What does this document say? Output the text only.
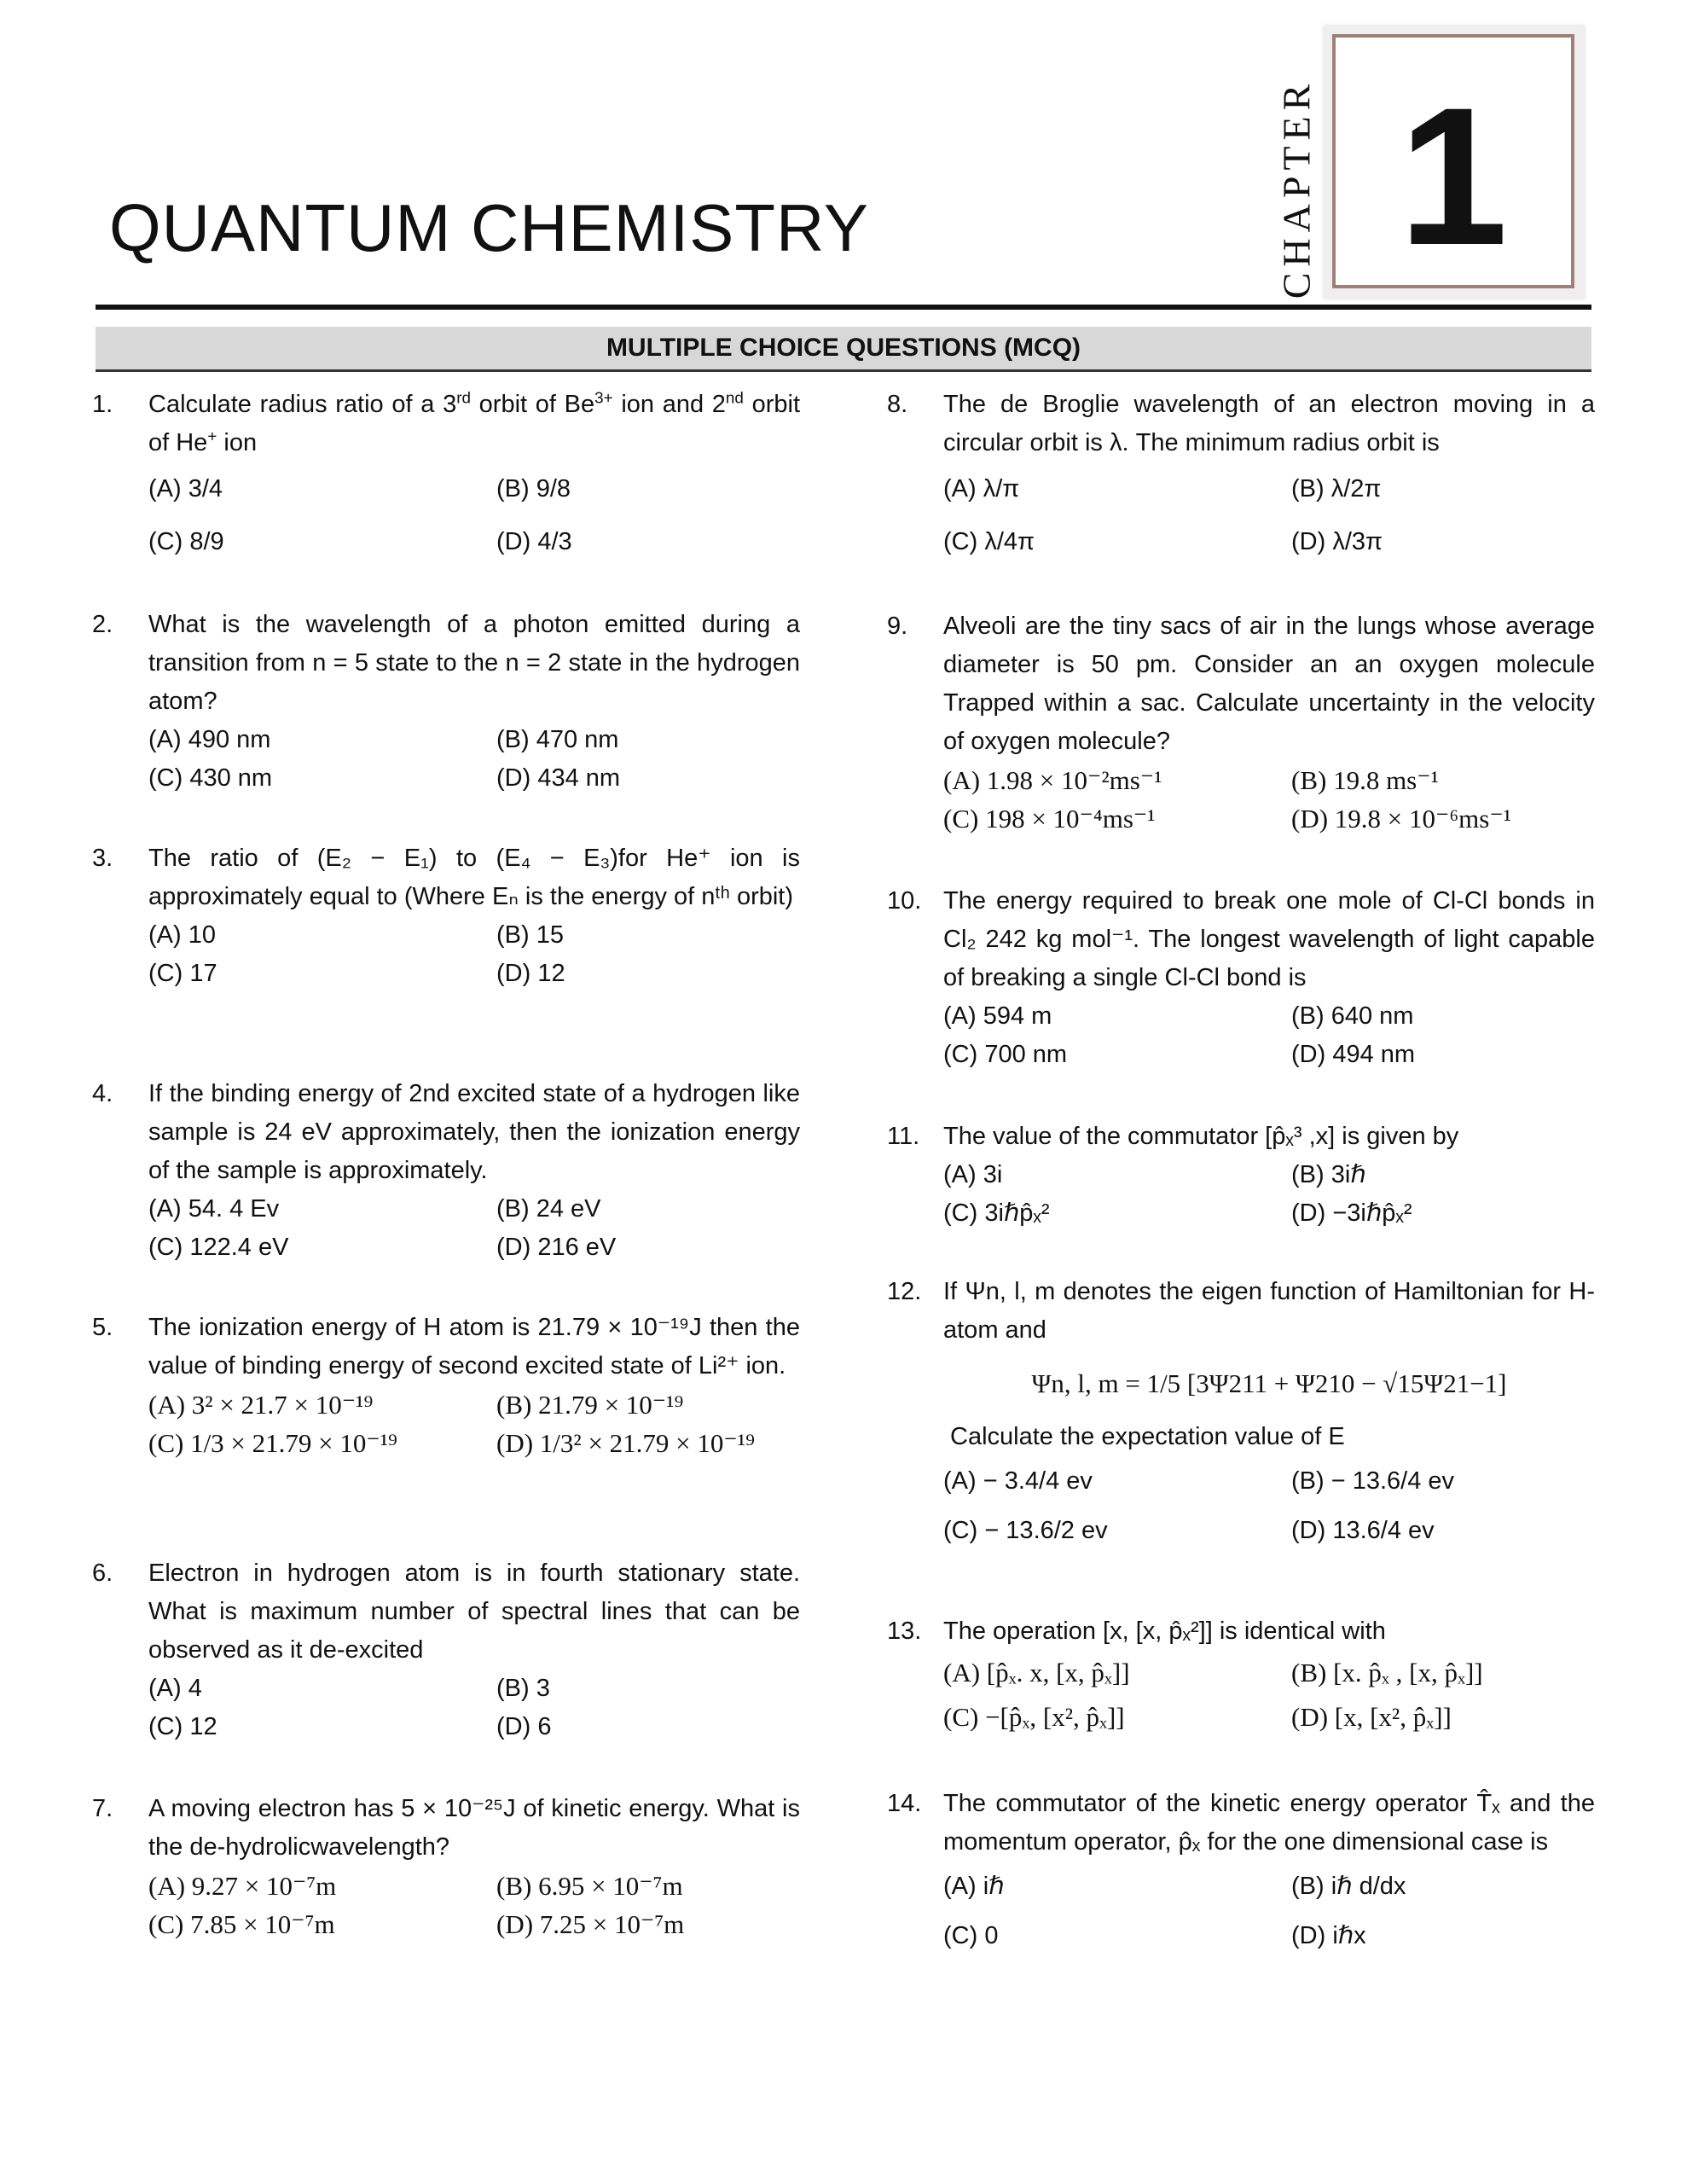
QUANTUM CHEMISTRY	CHAPTER 1
MULTIPLE CHOICE QUESTIONS (MCQ)
1.	Calculate radius ratio of a 3rd orbit of $Be^{3+}$ ion and 2nd orbit of He+ ion
(A) 3/4	(B) 9/8
(C) 8/9	(D) 4/3
2.	What is the wavelength of a photon emitted during a transition from n = 5 state to the n = 2 state in the hydrogen atom?
(A) 490 nm	(B) 470 nm
(C) 430 nm	(D) 434 nm
3.	The ratio of (E₂ − E₁) to (E₄ − E₃)for He⁺ ion is approximately equal to (Where Eₙ is the energy of nᵗʰ orbit)
(A) 10	(B) 15
(C) 17	(D) 12
4.	If the binding energy of 2nd excited state of a hydrogen like sample is 24 eV approximately, then the ionization energy of the sample is approximately.
(A) 54. 4 Ev	(B) 24 eV
(C) 122.4 eV	(D) 216 eV
5.	The ionization energy of H atom is 21.79 × 10⁻¹⁹J then the value of binding energy of second excited state of Li²⁺ ion.
(A) 3² × 21.7 × 10⁻¹⁹	(B) 21.79 × 10⁻¹⁹
(C) 1/3 × 21.79 × 10⁻¹⁹	(D) 1/3² × 21.79 × 10⁻¹⁹
6.	Electron in hydrogen atom is in fourth stationary state. What is maximum number of spectral lines that can be observed as it de-excited
(A) 4	(B) 3
(C) 12	(D) 6
7.	A moving electron has 5 × 10⁻²⁵J of kinetic energy. What is the de-hydrolicwavelength?
(A) 9.27 × 10⁻⁷m	(B) 6.95 × 10⁻⁷m
(C) 7.85 × 10⁻⁷m	(D) 7.25 × 10⁻⁷m
8.	The de Broglie wavelength of an electron moving in a circular orbit is λ. The minimum radius orbit is
(A) λ/π	(B) λ/2π
(C) λ/4π	(D) λ/3π
9.	Alveoli are the tiny sacs of air in the lungs whose average diameter is 50 pm. Consider an an oxygen molecule Trapped within a sac. Calculate uncertainty in the velocity of oxygen molecule?
(A) 1.98 × 10⁻²ms⁻¹	(B) 19.8 ms⁻¹
(C) 198 × 10⁻⁴ms⁻¹	(D) 19.8 × 10⁻⁶ms⁻¹
10. The energy required to break one mole of Cl-Cl bonds in Cl₂ 242 kg mol⁻¹. The longest wavelength of light capable of breaking a single Cl-Cl bond is
(A) 594 m	(B) 640 nm
(C) 700 nm	(D) 494 nm
11. The value of the commutator [p̂ₓ³ ,x] is given by
(A) 3i	(B) 3iℏ
(C) 3iℏp̂ₓ²	(D) −3iℏp̂ₓ²
12. If Ψn, l, m denotes the eigen function of Hamiltonian for H-atom and
Ψn, l, m = 1/5 [3Ψ211 + Ψ210 − √15Ψ21−1]
Calculate the expectation value of E
(A) − 3.4/4 ev	(B) − 13.6/4 ev
(C) − 13.6/2 ev	(D) 13.6/4 ev
13. The operation [x, [x, p̂ₓ²]] is identical with
(A) [p̂ₓ. x, [x, p̂ₓ]]	(B) [x. p̂ₓ , [x, p̂ₓ]]
(C) −[p̂ₓ, [x², p̂ₓ]]	(D) [x, [x², p̂ₓ]]
14. The commutator of the kinetic energy operator T̂ₓ and the momentum operator, p̂ₓ for the one dimensional case is
(A) iℏ	(B) iℏ d/dx
(C) 0	(D) iℏx
